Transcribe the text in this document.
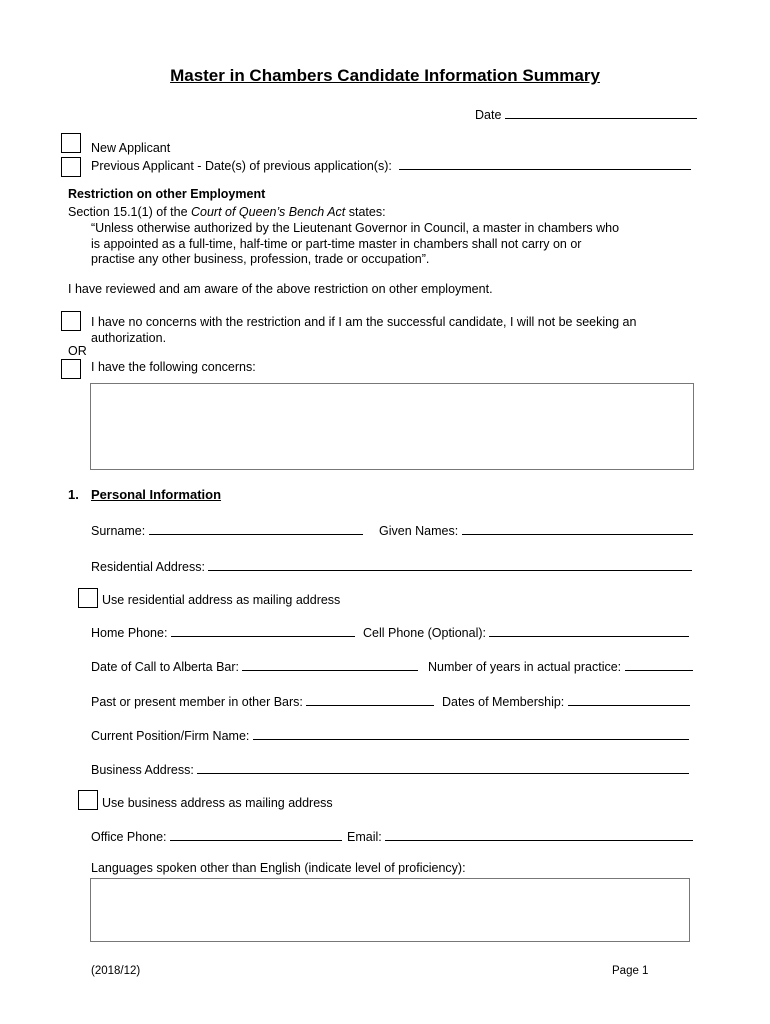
Master in Chambers Candidate Information Summary
Date
New Applicant
Previous Applicant - Date(s) of previous application(s):
Restriction on other Employment
Section 15.1(1) of the Court of Queen’s Bench Act states:
“Unless otherwise authorized by the Lieutenant Governor in Council, a master in chambers who
is appointed as a full-time, half-time or part-time master in chambers shall not carry on or
practise any other business, profession, trade or occupation”.
I have reviewed and am aware of the above restriction on other employment.
I have no concerns with the restriction and if I am the successful candidate, I will not be seeking an
authorization.
OR
I have the following concerns:
1. Personal Information
Surname:	Given Names:
Residential Address:
Use residential address as mailing address
Home Phone:	Cell Phone (Optional):
Date of Call to Alberta Bar:	Number of years in actual practice:
Past or present member in other Bars:	Dates of Membership:
Current Position/Firm Name:
Business Address:
Use business address as mailing address
Office Phone:	Email:
Languages spoken other than English (indicate level of proficiency):
(2018/12)	Page 1
